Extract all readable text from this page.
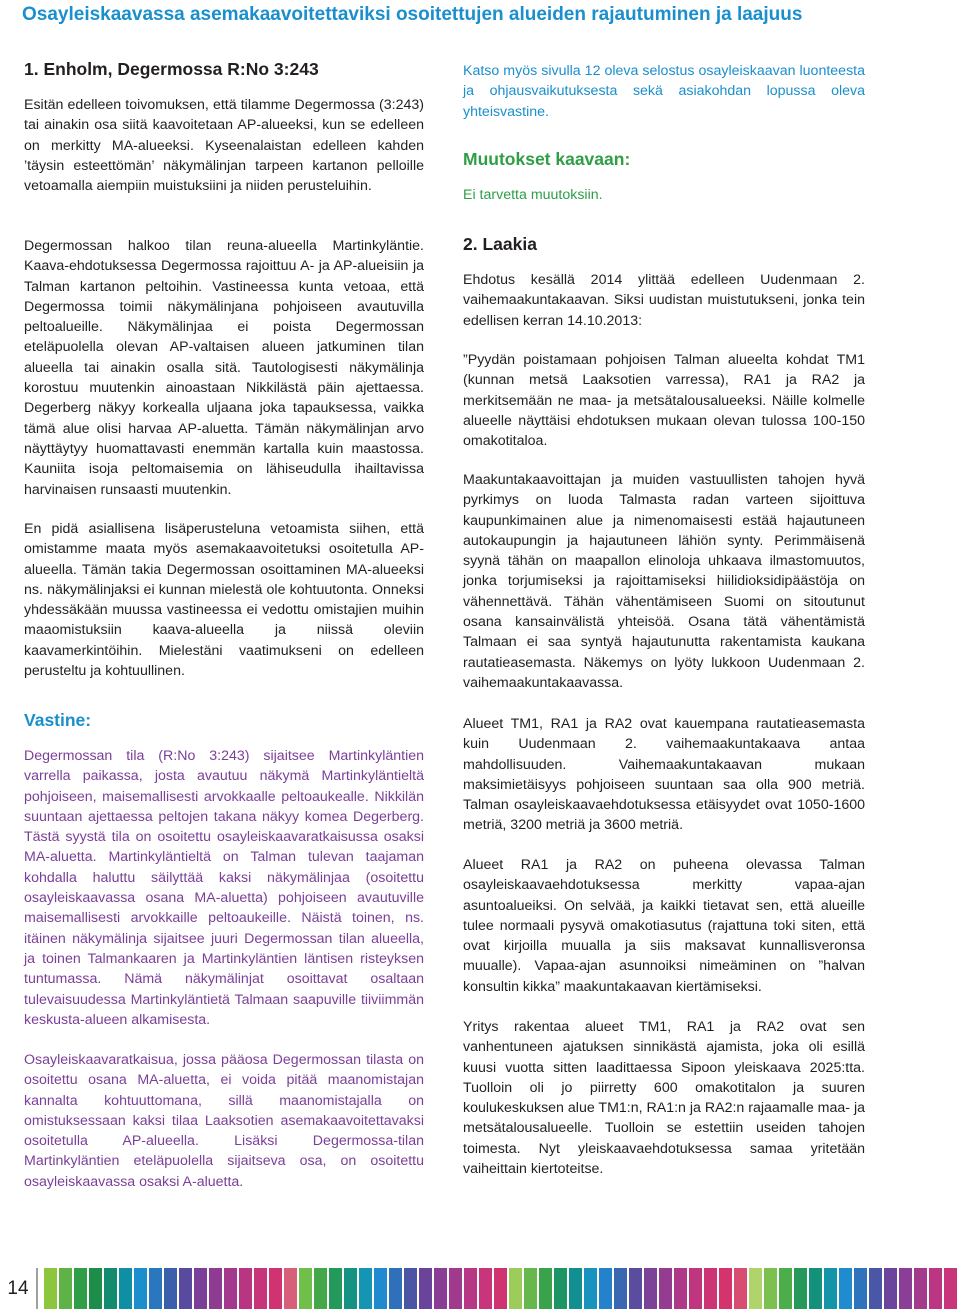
Osayleiskaavassa asemakaavoitettaviksi osoitettujen alueiden rajautuminen ja laajuus
1. Enholm, Degermossa R:No 3:243

Esitän edelleen toivomuksen, että tilamme Degermossa (3:243) tai ainakin osa siitä kaavoitetaan AP-alueeksi, kun se edelleen on merkitty MA-alueeksi. Kyseenalaistan edelleen kahden ’täysin esteettömän’ näkymälinjan tarpeen kartanon pelloille vetoamalla aiempiin muistuksiini ja niiden perusteluihin.

Degermossan halkoo tilan reuna-alueella Martinkyläntie. Kaava-ehdotuksessa Degermossa rajoittuu A- ja AP-alueisiin ja Talman kartanon peltoihin. Vastineessa kunta vetoaa, että Degermossa toimii näkymälinjana pohjoiseen avautuvilla peltoalueille. Näkymälinjaa ei poista Degermossan eteläpuolella olevan AP-valtaisen alueen jatkuminen tilan alueella tai ainakin osalla sitä. Tautologisesti näkymälinja korostuu muutenkin ainoastaan Nikkilästä päin ajettaessa. Degerberg näkyy korkealla uljaana joka tapauksessa, vaikka tämä alue olisi harvaa AP-aluetta. Tämän näkymälinjan arvo näyttäytyy huomattavasti enemmän kartalla kuin maastossa. Kauniita isoja peltomaisemia on lähiseudulla ihailtavissa harvinaisen runsaasti muutenkin.

En pidä asiallisena lisäperusteluna vetoamista siihen, että omistamme maata myös asemakaavoitetuksi osoitetulla AP-alueella. Tämän takia Degermossan osoittaminen MA-alueeksi ns. näkymälinjaksi ei kunnan mielestä ole kohtuutonta. Onneksi yhdessäkään muussa vastineessa ei vedottu omistajien muihin maaomistuksiin kaava-alueella ja niissä oleviin kaavamerkintöihin. Mielestäni vaatimukseni on edelleen perusteltu ja kohtuullinen.

Vastine:

Degermossan tila (R:No 3:243) sijaitsee Martinkyläntien varrella paikassa, josta avautuu näkymä Martinkyläntieltä pohjoiseen, maisemallisesti arvokkaalle peltoaukealle. Nikkilän suuntaan ajettaessa peltojen takana näkyy komea Degerberg. Tästä syystä tila on osoitettu osayleiskaavaratkaisussa osaksi MA-aluetta. Martinkyläntieltä on Talman tulevan taajaman kohdalla haluttu säilyttää kaksi näkymälinjaa (osoitettu osayleiskaavassa osana MA-aluetta) pohjoiseen avautuville maisemallisesti arvokkaille peltoaukeille. Näistä toinen, ns. itäinen näkymälinja sijaitsee juuri Degermossan tilan alueella, ja toinen Talmankaaren ja Martinkyläntien läntisen risteyksen tuntumassa. Nämä näkymälinjat osoittavat osaltaan tulevaisuudessa Martinkyläntietä Talmaan saapuville tiiviimmän keskusta-alueen alkamisesta.

Osayleiskaavaratkaisua, jossa pääosa Degermossan tilasta on osoitettu osana MA-aluetta, ei voida pitää maanomistajan kannalta kohtuuttomana, sillä maanomistajalla on omistuksessaan kaksi tilaa Laaksotien asemakaavoitettavaksi osoitetulla AP-alueella. Lisäksi Degermossa-tilan Martinkyläntien eteläpuolella sijaitseva osa, on osoitettu osayleiskaavassa osaksi A-aluetta.

Katso myös sivulla 12 oleva selostus osayleiskaavan luonteesta ja ohjausvaikutuksesta sekä asiakohdan lopussa oleva yhteisvastine.

Muutokset kaavaan:

Ei tarvetta muutoksiin.

2. Laakia

Ehdotus kesällä 2014 ylittää edelleen Uudenmaan 2. vaihemaakuntakaavan. Siksi uudistan muistutukseni, jonka tein edellisen kerran 14.10.2013:

”Pyydän poistamaan pohjoisen Talman alueelta kohdat TM1 (kunnan metsä Laaksotien varressa), RA1 ja RA2 ja merkitsemään ne maa- ja metsätalousalueeksi. Näille kolmelle alueelle näyttäisi ehdotuksen mukaan olevan tulossa 100-150 omakotitaloa.

Maakuntakaavoittajan ja muiden vastuullisten tahojen hyvä pyrkimys on luoda Talmasta radan varteen sijoittuva kaupunkimainen alue ja nimenomaisesti estää hajautuneen autokaupungin ja hajautuneen lähiön synty. Perimmäisenä syynä tähän on maapallon elinoloja uhkaava ilmastomuutos, jonka torjumiseksi ja rajoittamiseksi hiilidioksidipäästöja on vähennettävä. Tähän vähentämiseen Suomi on sitoutunut osana kansainvälistä yhteisöä. Osana tätä vähentämistä Talmaan ei saa syntyä hajautunutta rakentamista kaukana rautatieasemasta. Näkemys on lyöty lukkoon Uudenmaan 2. vaihemaakuntakaavassa.

Alueet TM1, RA1 ja RA2 ovat kauempana rautatieasemasta kuin Uudenmaan 2. vaihemaakuntakaava antaa mahdollisuuden. Vaihemaakuntakaavan mukaan maksimietäisyys pohjoiseen suuntaan saa olla 900 metriä. Talman osayleiskaavaehdotuksessa etäisyydet ovat 1050-1600 metriä, 3200 metriä ja 3600 metriä.

Alueet RA1 ja RA2 on puheena olevassa Talman osayleiskaavaehdotuksessa merkitty vapaa-ajan asuntoalueiksi. On selvää, ja kaikki tietavat sen, että alueille tulee normaali pysyvä omakotiasutus (rajattuna toki siten, että ovat kirjoilla muualla ja siis maksavat kunnallisveronsa muualle). Vapaa-ajan asunnoiksi nimeäminen on ”halvan konsultin kikka” maakuntakaavan kiertämiseksi.

Yritys rakentaa alueet TM1, RA1 ja RA2 ovat sen vanhentuneen ajatuksen sinnikästä ajamista, joka oli esillä kuusi vuotta sitten laadittaessa Sipoon yleiskaava 2025:tta. Tuolloin oli jo piirretty 600 omakotitalon ja suuren koulukeskuksen alue TM1:n, RA1:n ja RA2:n rajaamalle maa- ja metsätalousalueelle. Tuolloin se estettiin useiden tahojen toimesta. Nyt yleiskaavaehdotuksessa samaa yritetään vaiheittain kiertoteitse.

14
